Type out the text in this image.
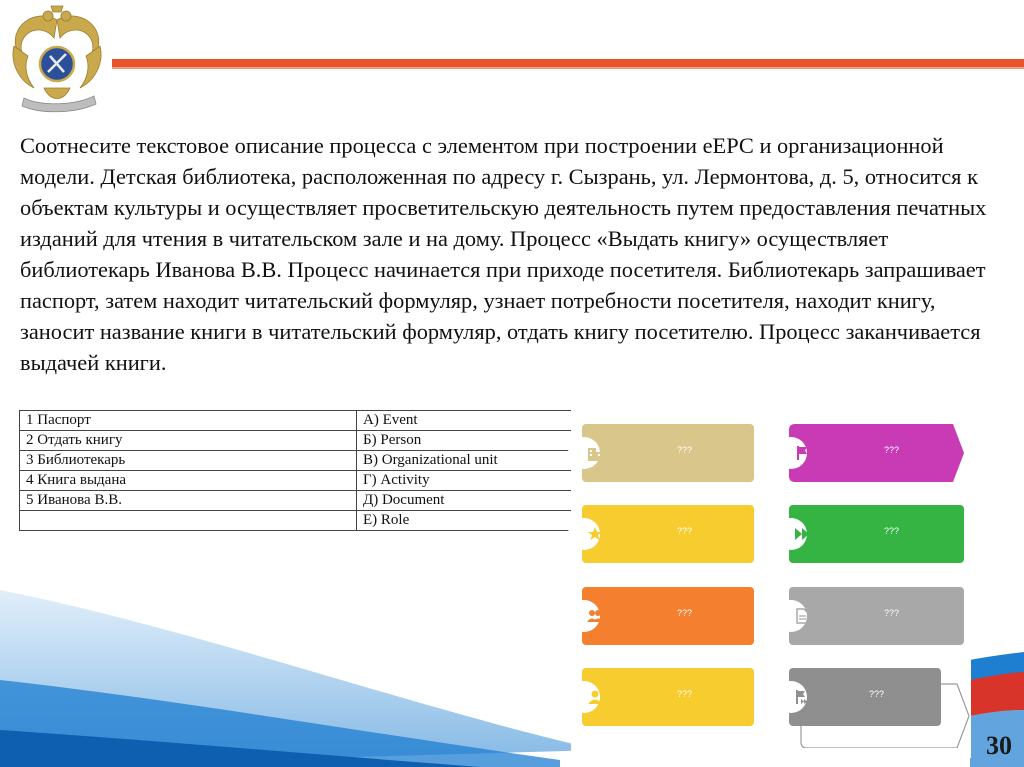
Соотнесите текстовое описание процесса с элементом при построении еЕРС и организационной модели. Детская библиотека, расположенная по адресу г. Сызрань, ул. Лермонтова, д. 5, относится к объектам культуры и осуществляет просветительскую деятельность путем предоставления печатных изданий для чтения в читательском зале и на дому. Процесс «Выдать книгу» осуществляет библиотекарь Иванова В.В. Процесс начинается при приходе посетителя. Библиотекарь запрашивает паспорт, затем находит читательский формуляр, узнает потребности посетителя, находит книгу, заносит название книги в читательский формуляр, отдать книгу посетителю. Процесс заканчивается выдачей книги.

1 Паспорт	А) Event
2 Отдать книгу	Б) Person
3 Библиотекарь	В) Organizational unit
4 Книга выдана	Г) Activity
5 Иванова В.В.	Д) Document
	Е) Role
???	???
???	???
???	???
???	???
30
